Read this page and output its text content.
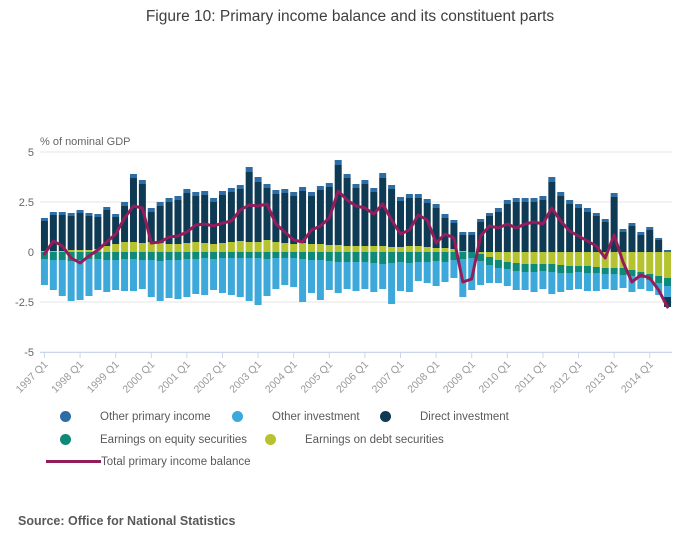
Figure 10: Primary income balance and its constituent parts
5
2.5
0
-2.5
-5
% of nominal GDP
1997 Q1
1998 Q1
1999 Q1
2000 Q1
2001 Q1
2002 Q1
2003 Q1
2004 Q1
2005 Q1
2006 Q1
2007 Q1
2008 Q1
2009 Q1
2010 Q1 2011 Q1
2012 Q1
2013 Q1
2014 Q1
Other primary income	Other investment	Direct investment
Earnings on equity securities	Earnings on debt securities
Total primary income balance
Source: Office for National Statistics
